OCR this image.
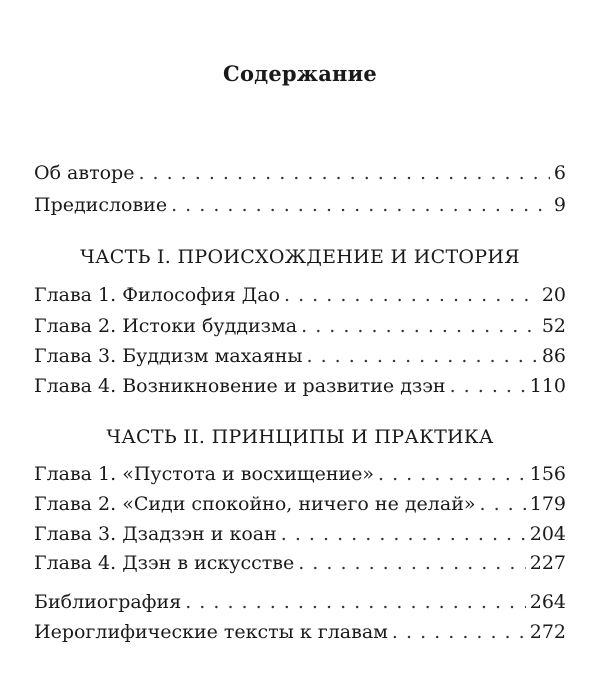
Содержание
Об авторе . . .	6
Предисловие . . .	9
ЧАСТЬ I. ПРОИСХОЖДЕНИЕ И ИСТОРИЯ
Глава 1. Философия Дао . . .	20
Глава 2. Истоки буддизма . . .	52
Глава 3. Буддизм махаяны . . .	86
Глава 4. Возникновение и развитие дзэн . . .	110
ЧАСТЬ II. ПРИНЦИПЫ И ПРАКТИКА
Глава 1. «Пустота и восхищение» . . .	156
Глава 2. «Сиди спокойно, ничего не делай» . . .	179
Глава 3. Дзадзэн и коан . . .	204
Глава 4. Дзэн в искусстве . . .	227
Библиография . . .	264
Иероглифические тексты к главам . . .	272
